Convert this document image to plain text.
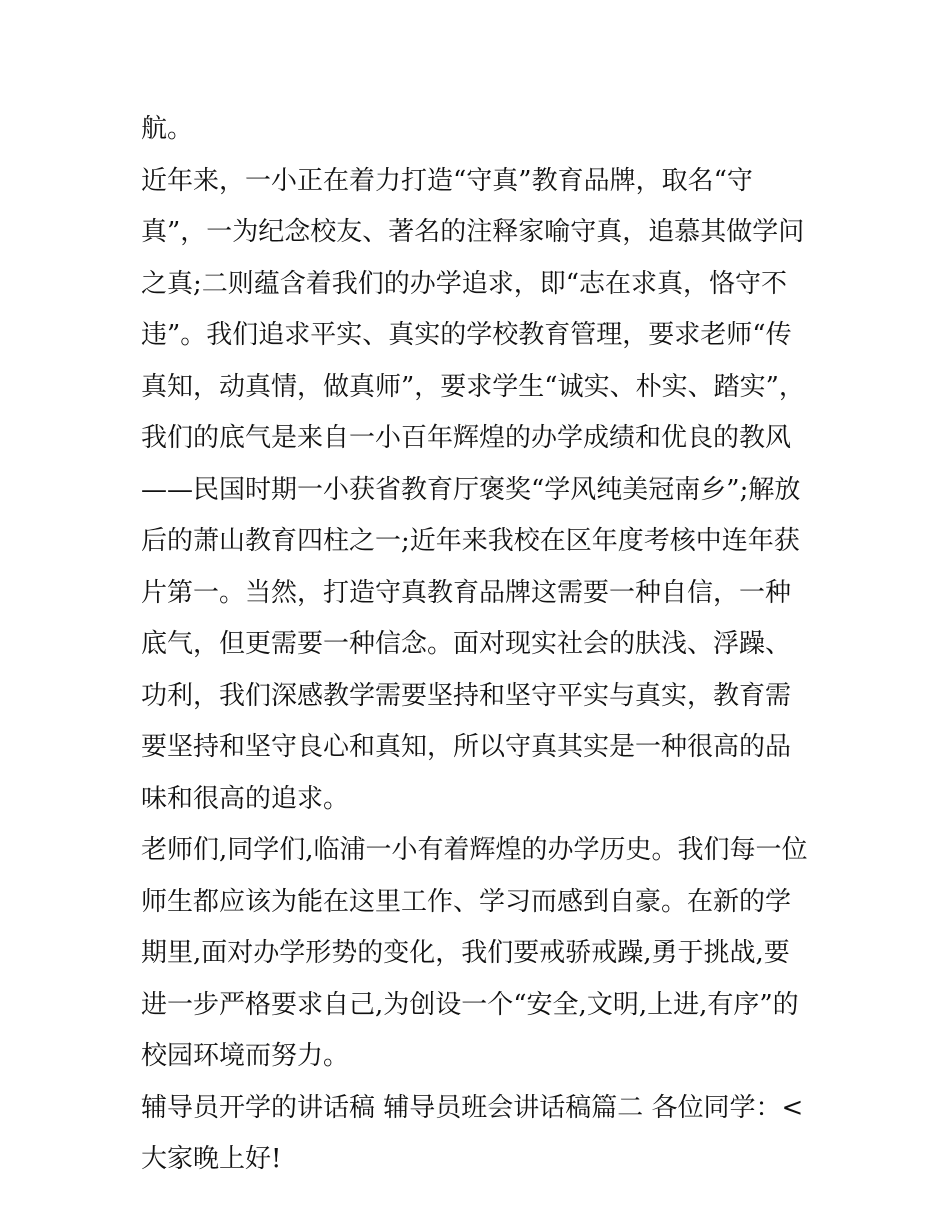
航。

近年来，一小正在着力打造“守真”教育品牌，取名“守真”，一为纪念校友、著名的注释家喻守真，追慕其做学问之真;二则蕴含着我们的办学追求，即“志在求真，恪守不违”。我们追求平实、真实的学校教育管理，要求老师“传真知，动真情，做真师”，要求学生“诚实、朴实、踏实”，我们的底气是来自一小百年辉煌的办学成绩和优良的教风——民国时期一小获省教育厅褒奖“学风纯美冠南乡”;解放后的萧山教育四柱之一;近年来我校在区年度考核中连年获片第一。当然，打造守真教育品牌这需要一种自信，一种底气，但更需要一种信念。面对现实社会的肤浅、浮躁、功利，我们深感教学需要坚持和坚守平实与真实，教育需要坚持和坚守良心和真知，所以守真其实是一种很高的品味和很高的追求。

老师们,同学们,临浦一小有着辉煌的办学历史。我们每一位师生都应该为能在这里工作、学习而感到自豪。在新的学期里,面对办学形势的变化，我们要戒骄戒躁,勇于挑战,要进一步严格要求自己,为创设一个“安全,文明,上进,有序”的校园环境而努力。

辅导员开学的讲话稿 辅导员班会讲话稿篇二 各位同学：< 大家晚上好!
